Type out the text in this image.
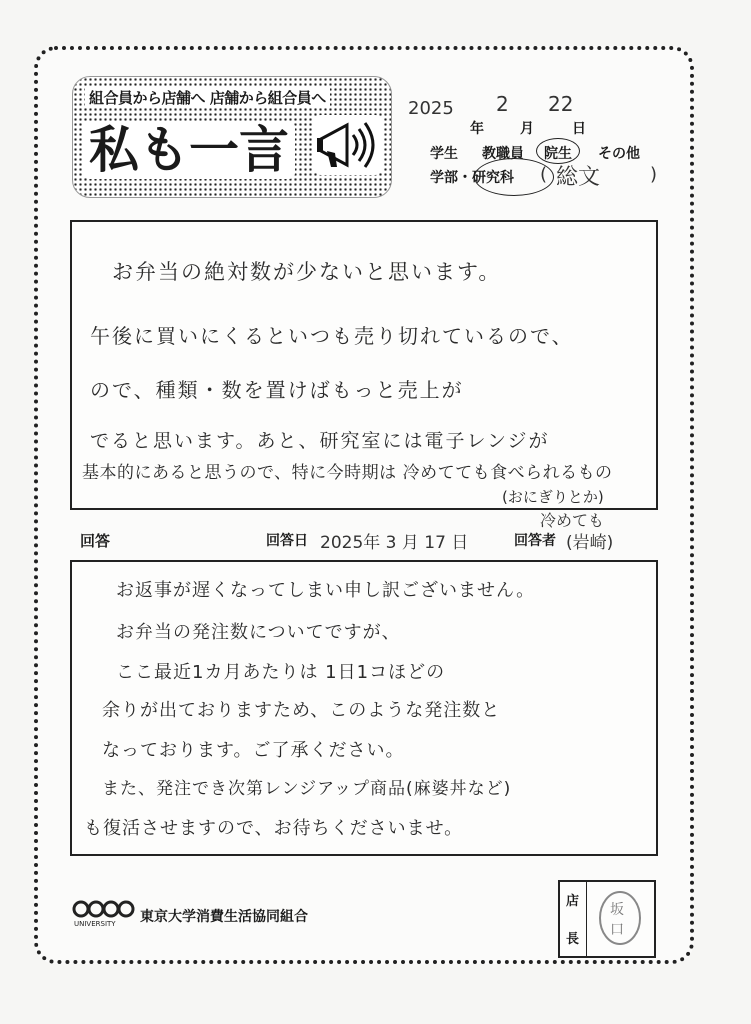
組合員から店舗へ 店舗から組合員へ
私も一言
2025 2 22
年	月	日
学生 教職員 院生 その他
学部・研究科 ( 総文	)
お弁当の絶対数が少ないと思います。
午後に買いにくるといつも売り切れているので、
ので、種類・数を置けばもっと売上が
でると思います。あと、研究室には電子レンジが
基本的にあると思うので、特に今時期は 冷めてても食べられるもの
(おにぎりとか)
冷めても
回答	回答日 2025年 3 月 17 日	回答者 (岩崎)
お返事が遅くなってしまい申し訳ございません。
お弁当の発注数についてですが、
ここ最近1カ月あたりは 1日1コほどの
余りが出ておりますため、このような発注数と
なっております。ご了承ください。
また、発注でき次第レンジアップ商品(麻婆丼など)
も復活させますので、お待ちくださいませ。
UNIVERSITY 東京大学消費生活協同組合
店
長
坂
口
